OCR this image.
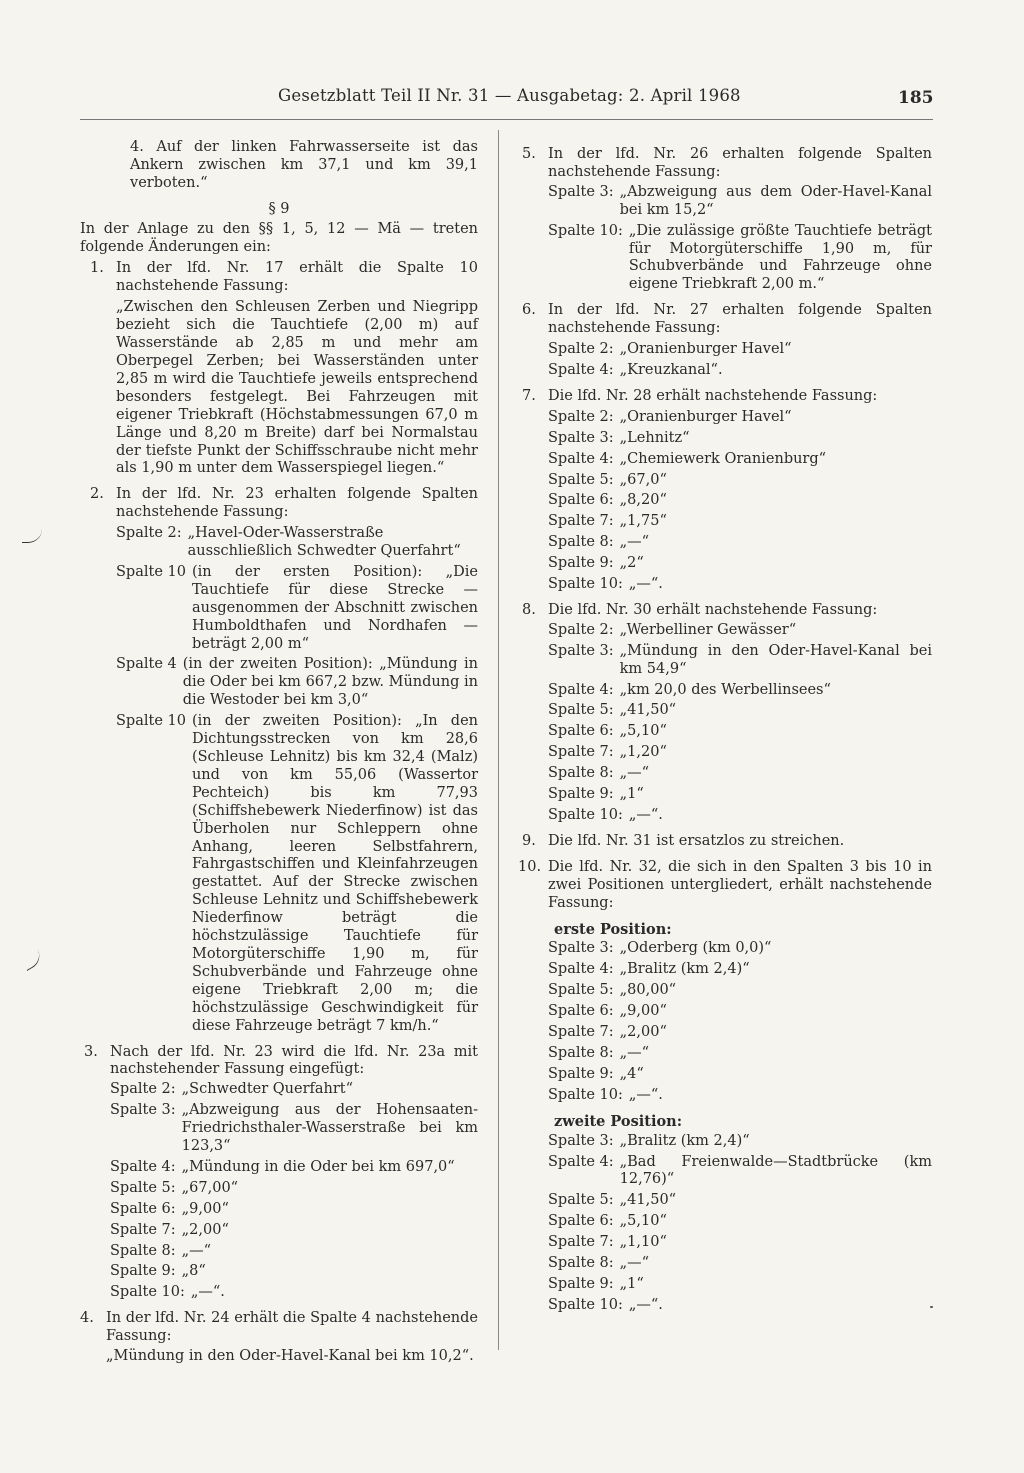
Gesetzblatt Teil II Nr. 31 — Ausgabetag: 2. April 1968	185

4. Auf der linken Fahrwasserseite ist das Ankern zwischen km 37,1 und km 39,1 verboten.“

§ 9

In der Anlage zu den §§ 1, 5, 12 — Mä — treten folgende Änderungen ein:

1. In der lfd. Nr. 17 erhält die Spalte 10 nachstehende Fassung:

„Zwischen den Schleusen Zerben und Niegripp bezieht sich die Tauchtiefe (2,00 m) auf Wasserstände ab 2,85 m und mehr am Oberpegel Zerben; bei Wasserständen unter 2,85 m wird die Tauchtiefe jeweils entsprechend besonders festgelegt. Bei Fahrzeugen mit eigener Triebkraft (Höchstabmessungen 67,0 m Länge und 8,20 m Breite) darf bei Normalstau der tiefste Punkt der Schiffsschraube nicht mehr als 1,90 m unter dem Wasserspiegel liegen.“

2. In der lfd. Nr. 23 erhalten folgende Spalten nachstehende Fassung:

Spalte 2: „Havel-Oder-Wasserstraße ausschließlich Schwedter Querfahrt“
Spalte 10 (in der ersten Position): „Die Tauchtiefe für diese Strecke — ausgenommen der Abschnitt zwischen Humboldthafen und Nordhafen — beträgt 2,00 m“
Spalte 4 (in der zweiten Position): „Mündung in die Oder bei km 667,2 bzw. Mündung in die Westoder bei km 3,0“
Spalte 10 (in der zweiten Position): „In den Dichtungsstrecken von km 28,6 (Schleuse Lehnitz) bis km 32,4 (Malz) und von km 55,06 (Wassertor Pechteich) bis km 77,93 (Schiffshebewerk Niederfinow) ist das Überholen nur Schleppern ohne Anhang, leeren Selbstfahrern, Fahrgastschiffen und Kleinfahrzeugen gestattet. Auf der Strecke zwischen Schleuse Lehnitz und Schiffshebewerk Niederfinow beträgt die höchstzulässige Tauchtiefe für Motorgüterschiffe 1,90 m, für Schubverbände und Fahrzeuge ohne eigene Triebkraft 2,00 m; die höchstzulässige Geschwindigkeit für diese Fahrzeuge beträgt 7 km/h.“
3. Nach der lfd. Nr. 23 wird die lfd. Nr. 23a mit nachstehender Fassung eingefügt:

Spalte 2: „Schwedter Querfahrt“
Spalte 3: „Abzweigung aus der Hohensaaten-Friedrichsthaler-Wasserstraße bei km 123,3“
Spalte 4: „Mündung in die Oder bei km 697,0“
Spalte 5: „67,00“
Spalte 6: „9,00“
Spalte 7: „2,00“
Spalte 8: „—“
Spalte 9: „8“
Spalte 10: „—“.
4. In der lfd. Nr. 24 erhält die Spalte 4 nachstehende Fassung:

„Mündung in den Oder-Havel-Kanal bei km 10,2“.

5. In der lfd. Nr. 26 erhalten folgende Spalten nachstehende Fassung:

Spalte 3: „Abzweigung aus dem Oder-Havel-Kanal bei km 15,2“
Spalte 10: „Die zulässige größte Tauchtiefe beträgt für Motorgüterschiffe 1,90 m, für Schubverbände und Fahrzeuge ohne eigene Triebkraft 2,00 m.“
6. In der lfd. Nr. 27 erhalten folgende Spalten nachstehende Fassung:

Spalte 2: „Oranienburger Havel“
Spalte 4: „Kreuzkanal“.
7. Die lfd. Nr. 28 erhält nachstehende Fassung:

Spalte 2: „Oranienburger Havel“
Spalte 3: „Lehnitz“
Spalte 4: „Chemiewerk Oranienburg“
Spalte 5: „67,0“
Spalte 6: „8,20“
Spalte 7: „1,75“
Spalte 8: „—“
Spalte 9: „2“
Spalte 10: „—“.
8. Die lfd. Nr. 30 erhält nachstehende Fassung:

Spalte 2: „Werbelliner Gewässer“
Spalte 3: „Mündung in den Oder-Havel-Kanal bei km 54,9“
Spalte 4: „km 20,0 des Werbellinsees“
Spalte 5: „41,50“
Spalte 6: „5,10“
Spalte 7: „1,20“
Spalte 8: „—“
Spalte 9: „1“
Spalte 10: „—“.
9. Die lfd. Nr. 31 ist ersatzlos zu streichen.

10. Die lfd. Nr. 32, die sich in den Spalten 3 bis 10 in zwei Positionen untergliedert, erhält nachstehende Fassung:

erste Position:

Spalte 3: „Oderberg (km 0,0)“
Spalte 4: „Bralitz (km 2,4)“
Spalte 5: „80,00“
Spalte 6: „9,00“
Spalte 7: „2,00“
Spalte 8: „—“
Spalte 9: „4“
Spalte 10: „—“.

zweite Position:

Spalte 3: „Bralitz (km 2,4)“
Spalte 4: „Bad Freienwalde—Stadtbrücke (km 12,76)“
Spalte 5: „41,50“
Spalte 6: „5,10“
Spalte 7: „1,10“
Spalte 8: „—“
Spalte 9: „1“
Spalte 10: „—“.
